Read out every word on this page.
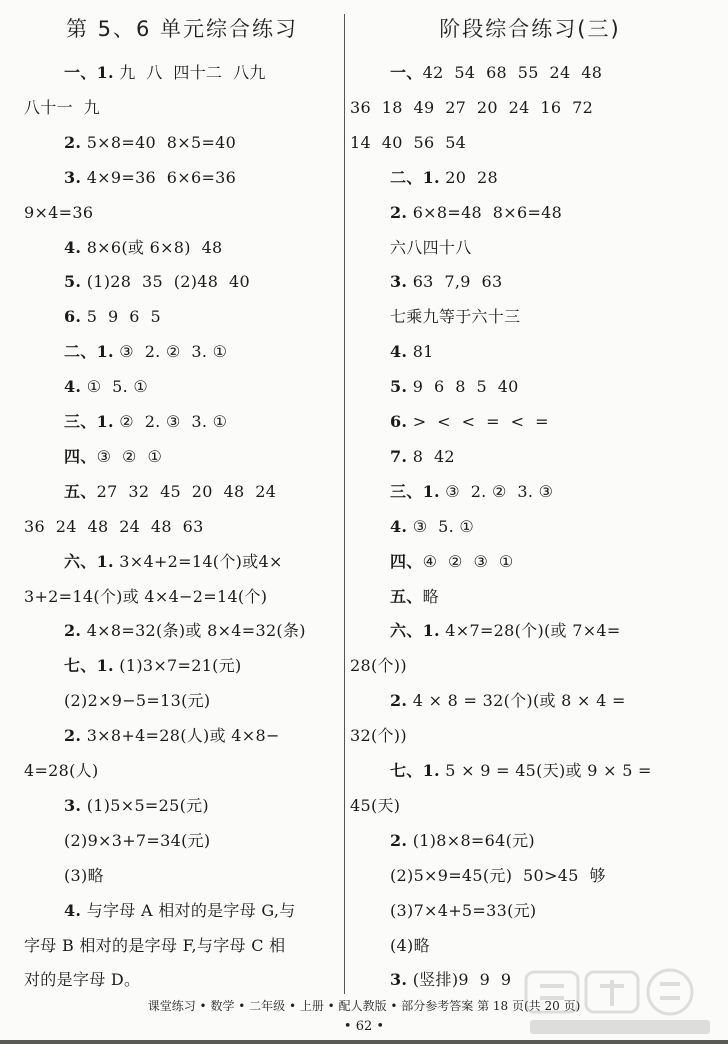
第 5、6 单元综合练习
一、1. 九  八  四十二  八九
八十一  九
2. 5×8=40  8×5=40
3. 4×9=36  6×6=36
9×4=36
4. 8×6(或 6×8)  48
5. (1)28  35  (2)48  40
6. 5  9  6  5
二、1. ③  2. ②  3. ①
4. ①  5. ①
三、1. ②  2. ③  3. ①
四、③  ②  ①
五、27  32  45  20  48  24
36  24  48  24  48  63
六、1. 3×4+2=14(个)或4×
3+2=14(个)或 4×4−2=14(个)
2. 4×8=32(条)或 8×4=32(条)
七、1. (1)3×7=21(元)
(2)2×9−5=13(元)
2. 3×8+4=28(人)或 4×8−
4=28(人)
3. (1)5×5=25(元)
(2)9×3+7=34(元)
(3)略
4. 与字母 A 相对的是字母 G,与
字母 B 相对的是字母 F,与字母 C 相
对的是字母 D。
阶段综合练习(三)
一、42  54  68  55  24  48
36  18  49  27  20  24  16  72
14  40  56  54
二、1. 20  28
2. 6×8=48  8×6=48
六八四十八
3. 63  7,9  63
七乘九等于六十三
4. 81
5. 9  6  8  5  40
6. >  <  <  =  <  =
7. 8  42
三、1. ③  2. ②  3. ③
4. ③  5. ①
四、④  ②  ③  ①
五、略
六、1. 4×7=28(个)(或 7×4=
28(个))
2. 4 × 8 = 32(个)(或 8 × 4 =
32(个))
七、1. 5 × 9 = 45(天)或 9 × 5 =
45(天)
2. (1)8×8=64(元)
(2)5×9=45(元)  50>45  够
(3)7×4+5=33(元)
(4)略
3. (竖排)9  9  9
课堂练习 • 数学 • 二年级 • 上册 • 配人教版 • 部分参考答案 第 18 页(共 20 页)
• 62 •
